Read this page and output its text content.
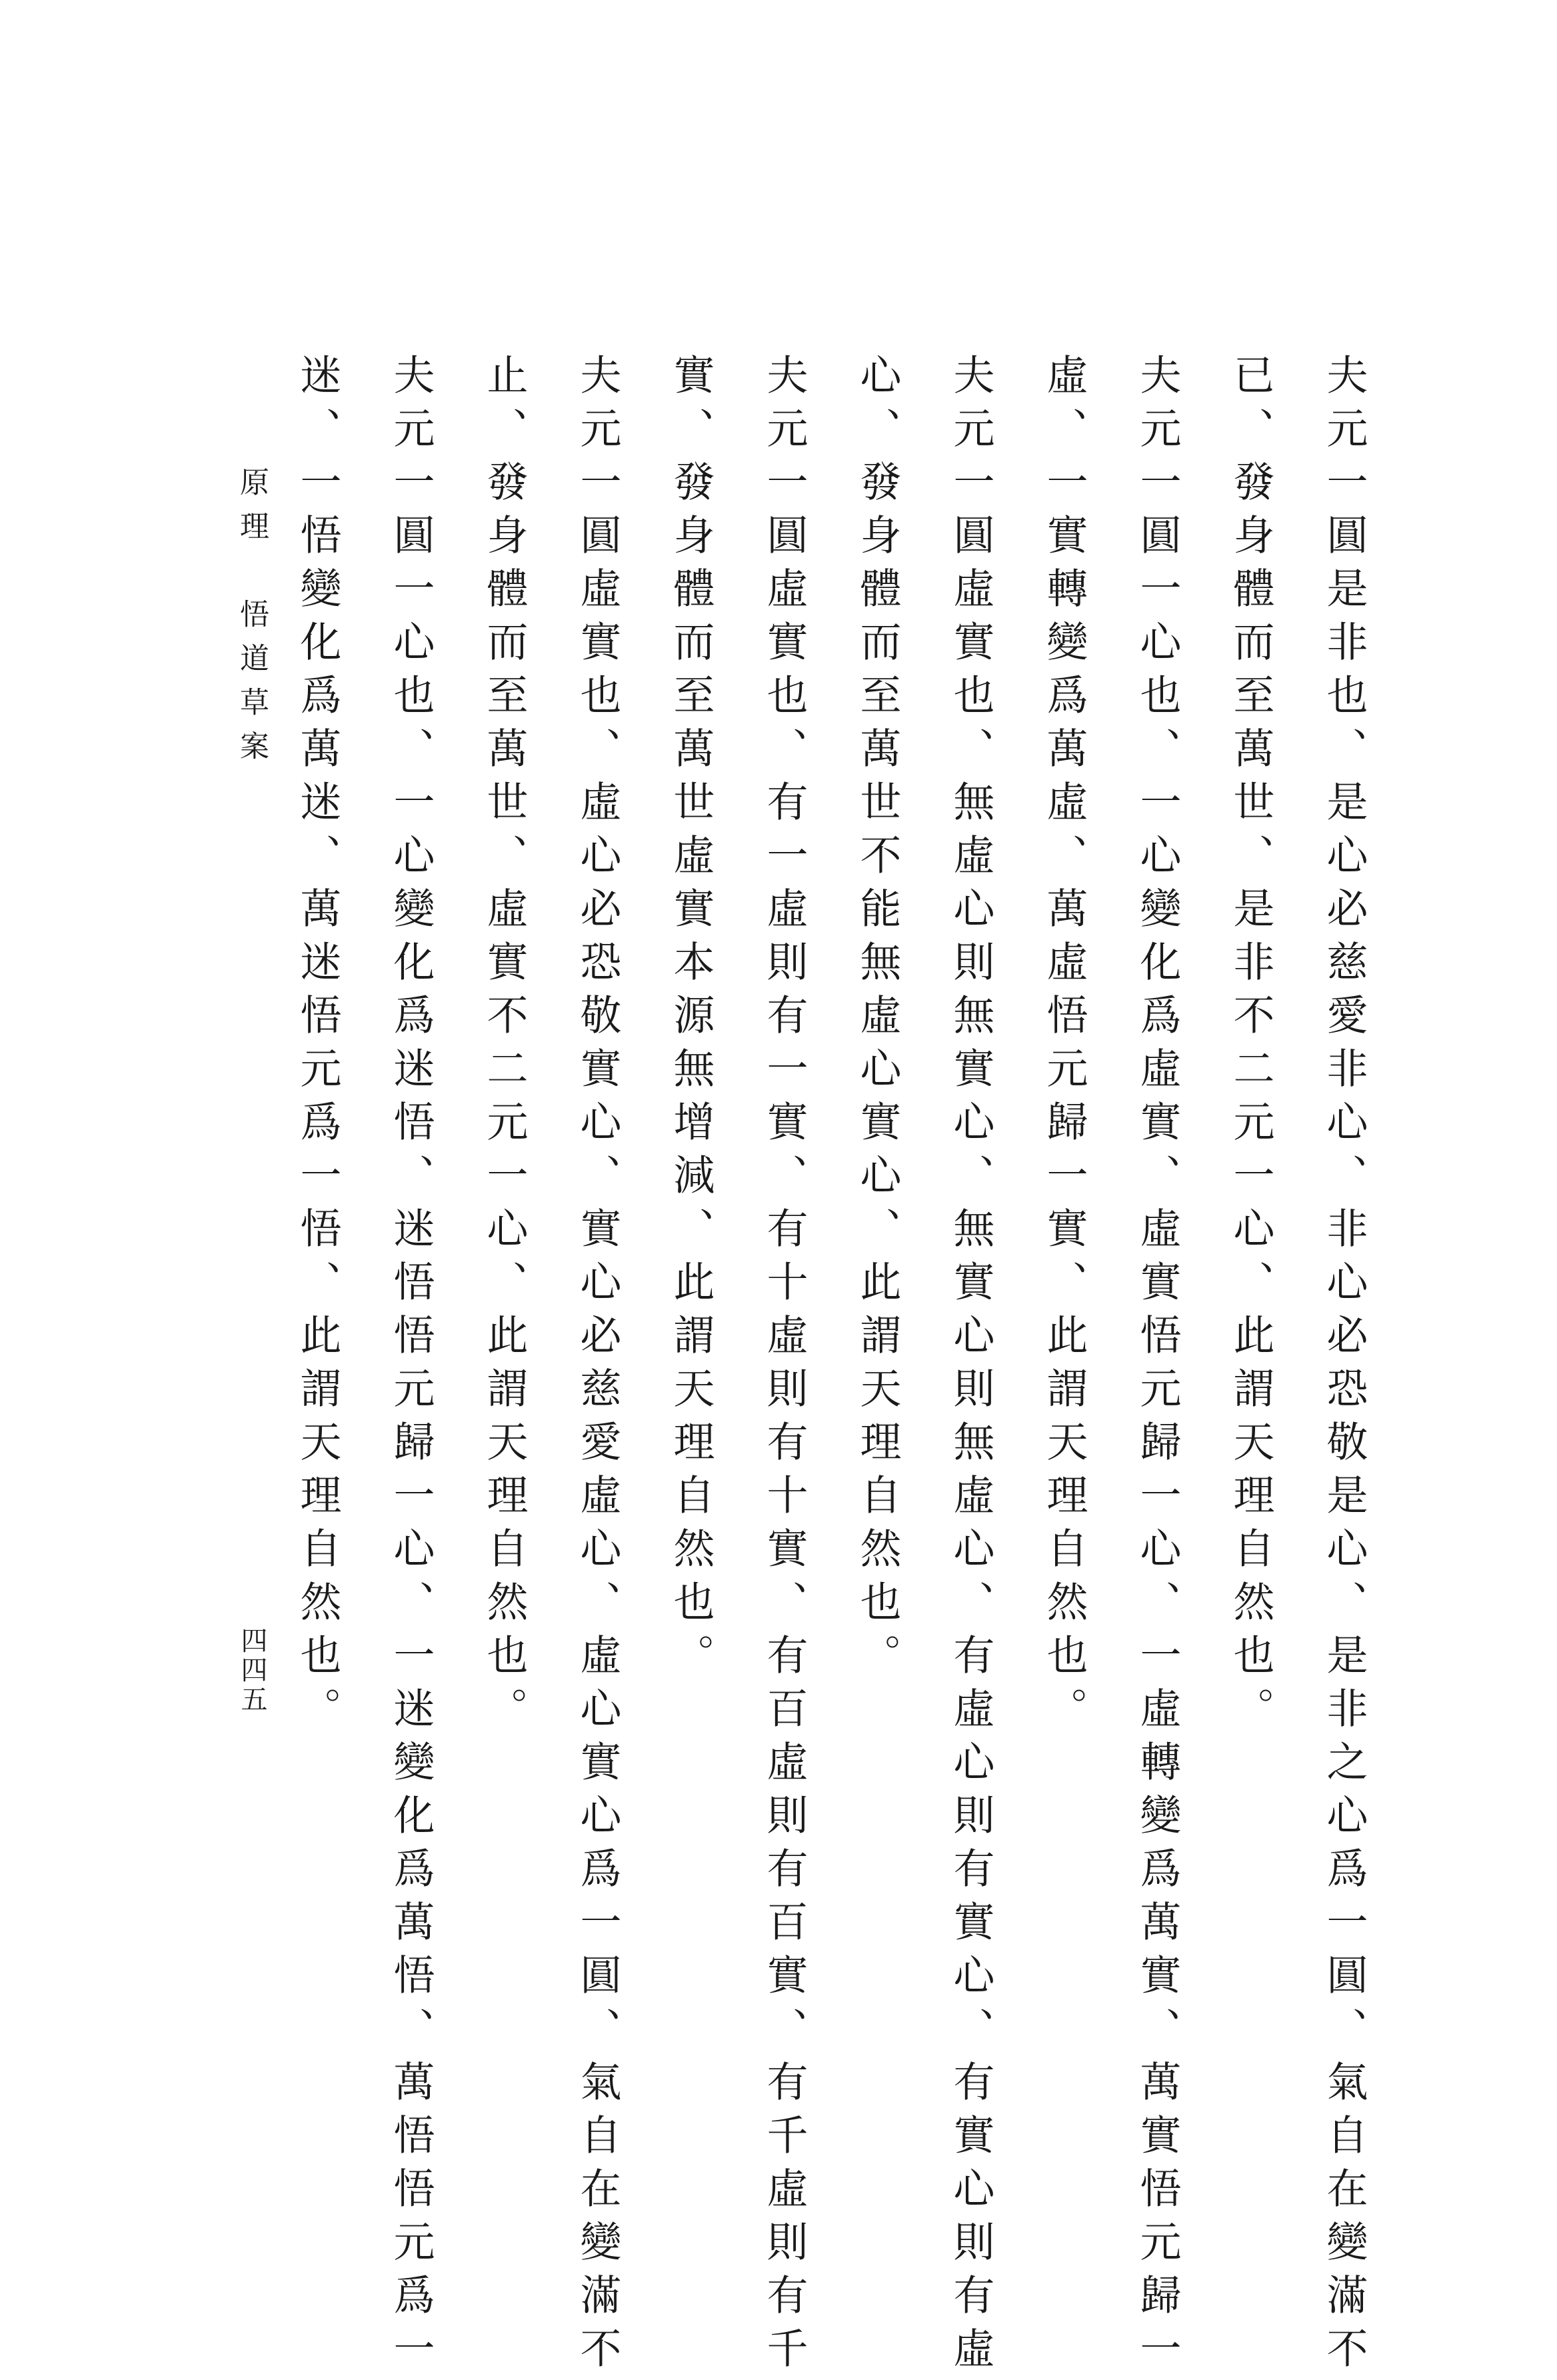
夫元一圓是非也、是心必慈愛非心、非心必恐敬是心、是非之心爲一圓、氣自在變滿不

已、發身體而至萬世、是非不二元一心、此謂天理自然也。

夫元一圓一心也、一心變化爲虛實、虛實悟元歸一心、一虛轉變爲萬實、萬實悟元歸一

虛、一實轉變爲萬虛、萬虛悟元歸一實、此謂天理自然也。

夫元一圓虛實也、無虛心則無實心、無實心則無虛心、有虛心則有實心、有實心則有虛

心、發身體而至萬世不能無虛心實心、此謂天理自然也。

夫元一圓虛實也、有一虛則有一實、有十虛則有十實、有百虛則有百實、有千虛則有千

實、發身體而至萬世虛實本源無增減、此謂天理自然也。

夫元一圓虛實也、虛心必恐敬實心、實心必慈愛虛心、虛心實心爲一圓、氣自在變滿不

止、發身體而至萬世、虛實不二元一心、此謂天理自然也。

夫元一圓一心也、一心變化爲迷悟、迷悟悟元歸一心、一迷變化爲萬悟、萬悟悟元爲一

迷、一悟變化爲萬迷、萬迷悟元爲一悟、此謂天理自然也。

原理　悟道草案
四四五
